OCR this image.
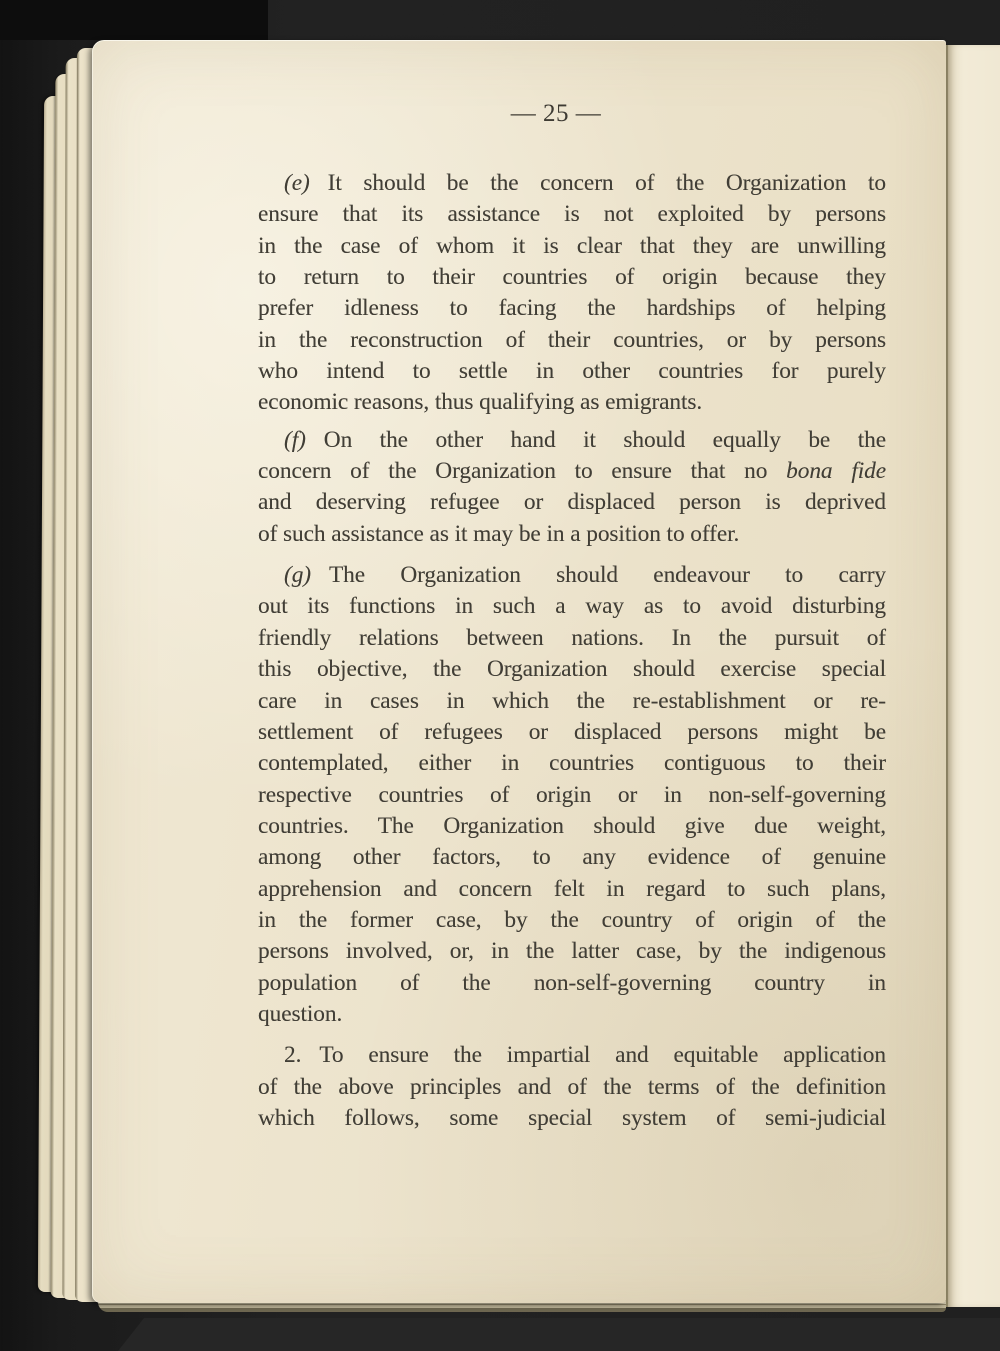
— 25 —
(e) It should be the concern of the Organization to
ensure that its assistance is not exploited by persons
in the case of whom it is clear that they are unwilling
to return to their countries of origin because they
prefer idleness to facing the hardships of helping
in the reconstruction of their countries, or by persons
who intend to settle in other countries for purely
economic reasons, thus qualifying as emigrants.
(f) On the other hand it should equally be the
concern of the Organization to ensure that no bona fide
and deserving refugee or displaced person is deprived
of such assistance as it may be in a position to offer.
(g) The Organization should endeavour to carry
out its functions in such a way as to avoid disturbing
friendly relations between nations. In the pursuit of
this objective, the Organization should exercise special
care in cases in which the re-establishment or re-
settlement of refugees or displaced persons might be
contemplated, either in countries contiguous to their
respective countries of origin or in non-self-governing
countries. The Organization should give due weight,
among other factors, to any evidence of genuine
apprehension and concern felt in regard to such plans,
in the former case, by the country of origin of the
persons involved, or, in the latter case, by the indigenous
population of the non-self-governing country in
question.
2. To ensure the impartial and equitable application
of the above principles and of the terms of the definition
which follows, some special system of semi-judicial
